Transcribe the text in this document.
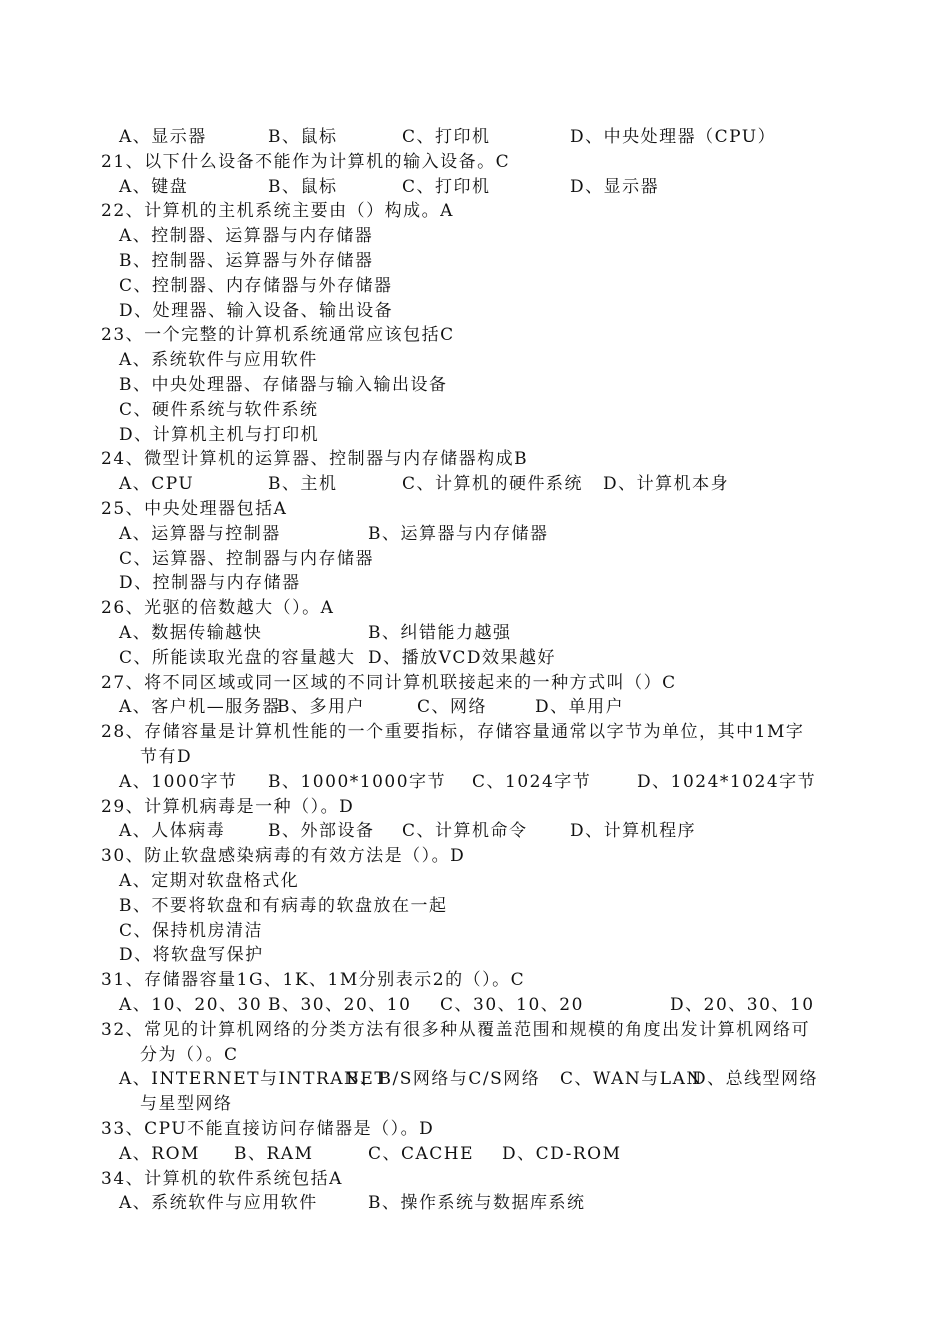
A、显示器	B、鼠标	C、打印机	D、中央处理器（CPU）
21、以下什么设备不能作为计算机的输入设备。C
A、键盘	B、鼠标	C、打印机	D、显示器
22、计算机的主机系统主要由（）构成。A
A、控制器、运算器与内存储器
B、控制器、运算器与外存储器
C、控制器、内存储器与外存储器
D、处理器、输入设备、输出设备
23、一个完整的计算机系统通常应该包括C
A、系统软件与应用软件
B、中央处理器、存储器与输入输出设备
C、硬件系统与软件系统
D、计算机主机与打印机
24、微型计算机的运算器、控制器与内存储器构成B
A、CPU	B、主机	C、计算机的硬件系统 D、计算机本身
25、中央处理器包括A
A、运算器与控制器	B、运算器与内存储器
C、运算器、控制器与内存储器
D、控制器与内存储器
26、光驱的倍数越大（）。A
A、数据传输越快	B、纠错能力越强
C、所能读取光盘的容量越大 D、播放VCD效果越好
27、将不同区域或同一区域的不同计算机联接起来的一种方式叫（）C
A、客户机—服务器
B、多用户	C、网络	D、单用户
28、存储容量是计算机性能的一个重要指标，存储容量通常以字节为单位，其中1M字
节有D
A、1000字节 B、1000*1000字节 C、1024字节	D、1024*1024字节
29、计算机病毒是一种（）。D
A、人体病毒	B、外部设备 C、计算机命令 D、计算机程序
30、防止软盘感染病毒的有效方法是（）。D
A、定期对软盘格式化
B、不要将软盘和有病毒的软盘放在一起
C、保持机房清洁
D、将软盘写保护
31、存储器容量1G、1K、1M分别表示2的（）。C
A、10、20、30 B、30、20、10 C、30、10、20	D、20、30、10
32、常见的计算机网络的分类方法有很多种从覆盖范围和规模的角度出发计算机网络可
分为（）。C
A、INTERNET与INTRANET
B、B/S网络与C/S网络 C、WAN与LAN
D、总线型网络
与星型网络
33、CPU不能直接访问存储器是（）。D
A、ROM B、RAM	C、CACHE D、CD-ROM
34、计算机的软件系统包括A
A、系统软件与应用软件	B、操作系统与数据库系统
